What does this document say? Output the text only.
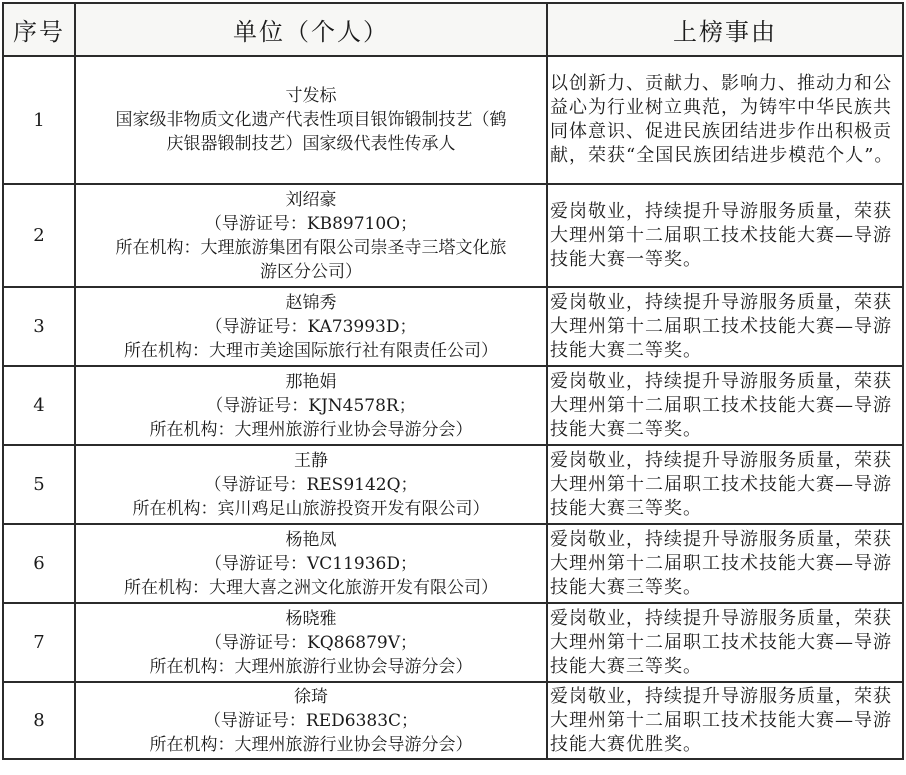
序号	单位（个人）	上榜事由
1	寸发标
国家级非物质文化遗产代表性项目银饰锻制技艺（鹤
庆银器锻制技艺）国家级代表性传承人	以创新力、贡献力、影响力、推动力和公益心为行业树立典范，为铸牢中华民族共同体意识、促进民族团结进步作出积极贡献，荣获“全国民族团结进步模范个人”。
2	刘绍豪
（导游证号：KB89710O；
所在机构：大理旅游集团有限公司崇圣寺三塔文化旅
游区分公司）	爱岗敬业，持续提升导游服务质量，荣获大理州第十二届职工技术技能大赛—导游技能大赛一等奖。
3	赵锦秀
（导游证号：KA73993D；
所在机构：大理市美途国际旅行社有限责任公司）	爱岗敬业，持续提升导游服务质量，荣获大理州第十二届职工技术技能大赛—导游技能大赛二等奖。
4	那艳娟
（导游证号：KJN4578R；
所在机构：大理州旅游行业协会导游分会）	爱岗敬业，持续提升导游服务质量，荣获大理州第十二届职工技术技能大赛—导游技能大赛二等奖。
5	王静
（导游证号：RES9142Q；
所在机构：宾川鸡足山旅游投资开发有限公司）	爱岗敬业，持续提升导游服务质量，荣获大理州第十二届职工技术技能大赛—导游技能大赛三等奖。
6	杨艳凤
（导游证号：VC11936D；
所在机构：大理大喜之洲文化旅游开发有限公司）	爱岗敬业，持续提升导游服务质量，荣获大理州第十二届职工技术技能大赛—导游技能大赛三等奖。
7	杨晓雅
（导游证号：KQ86879V；
所在机构：大理州旅游行业协会导游分会）	爱岗敬业，持续提升导游服务质量，荣获大理州第十二届职工技术技能大赛—导游技能大赛三等奖。
8	徐琦
（导游证号：RED6383C；
所在机构：大理州旅游行业协会导游分会）	爱岗敬业，持续提升导游服务质量，荣获大理州第十二届职工技术技能大赛—导游技能大赛优胜奖。
